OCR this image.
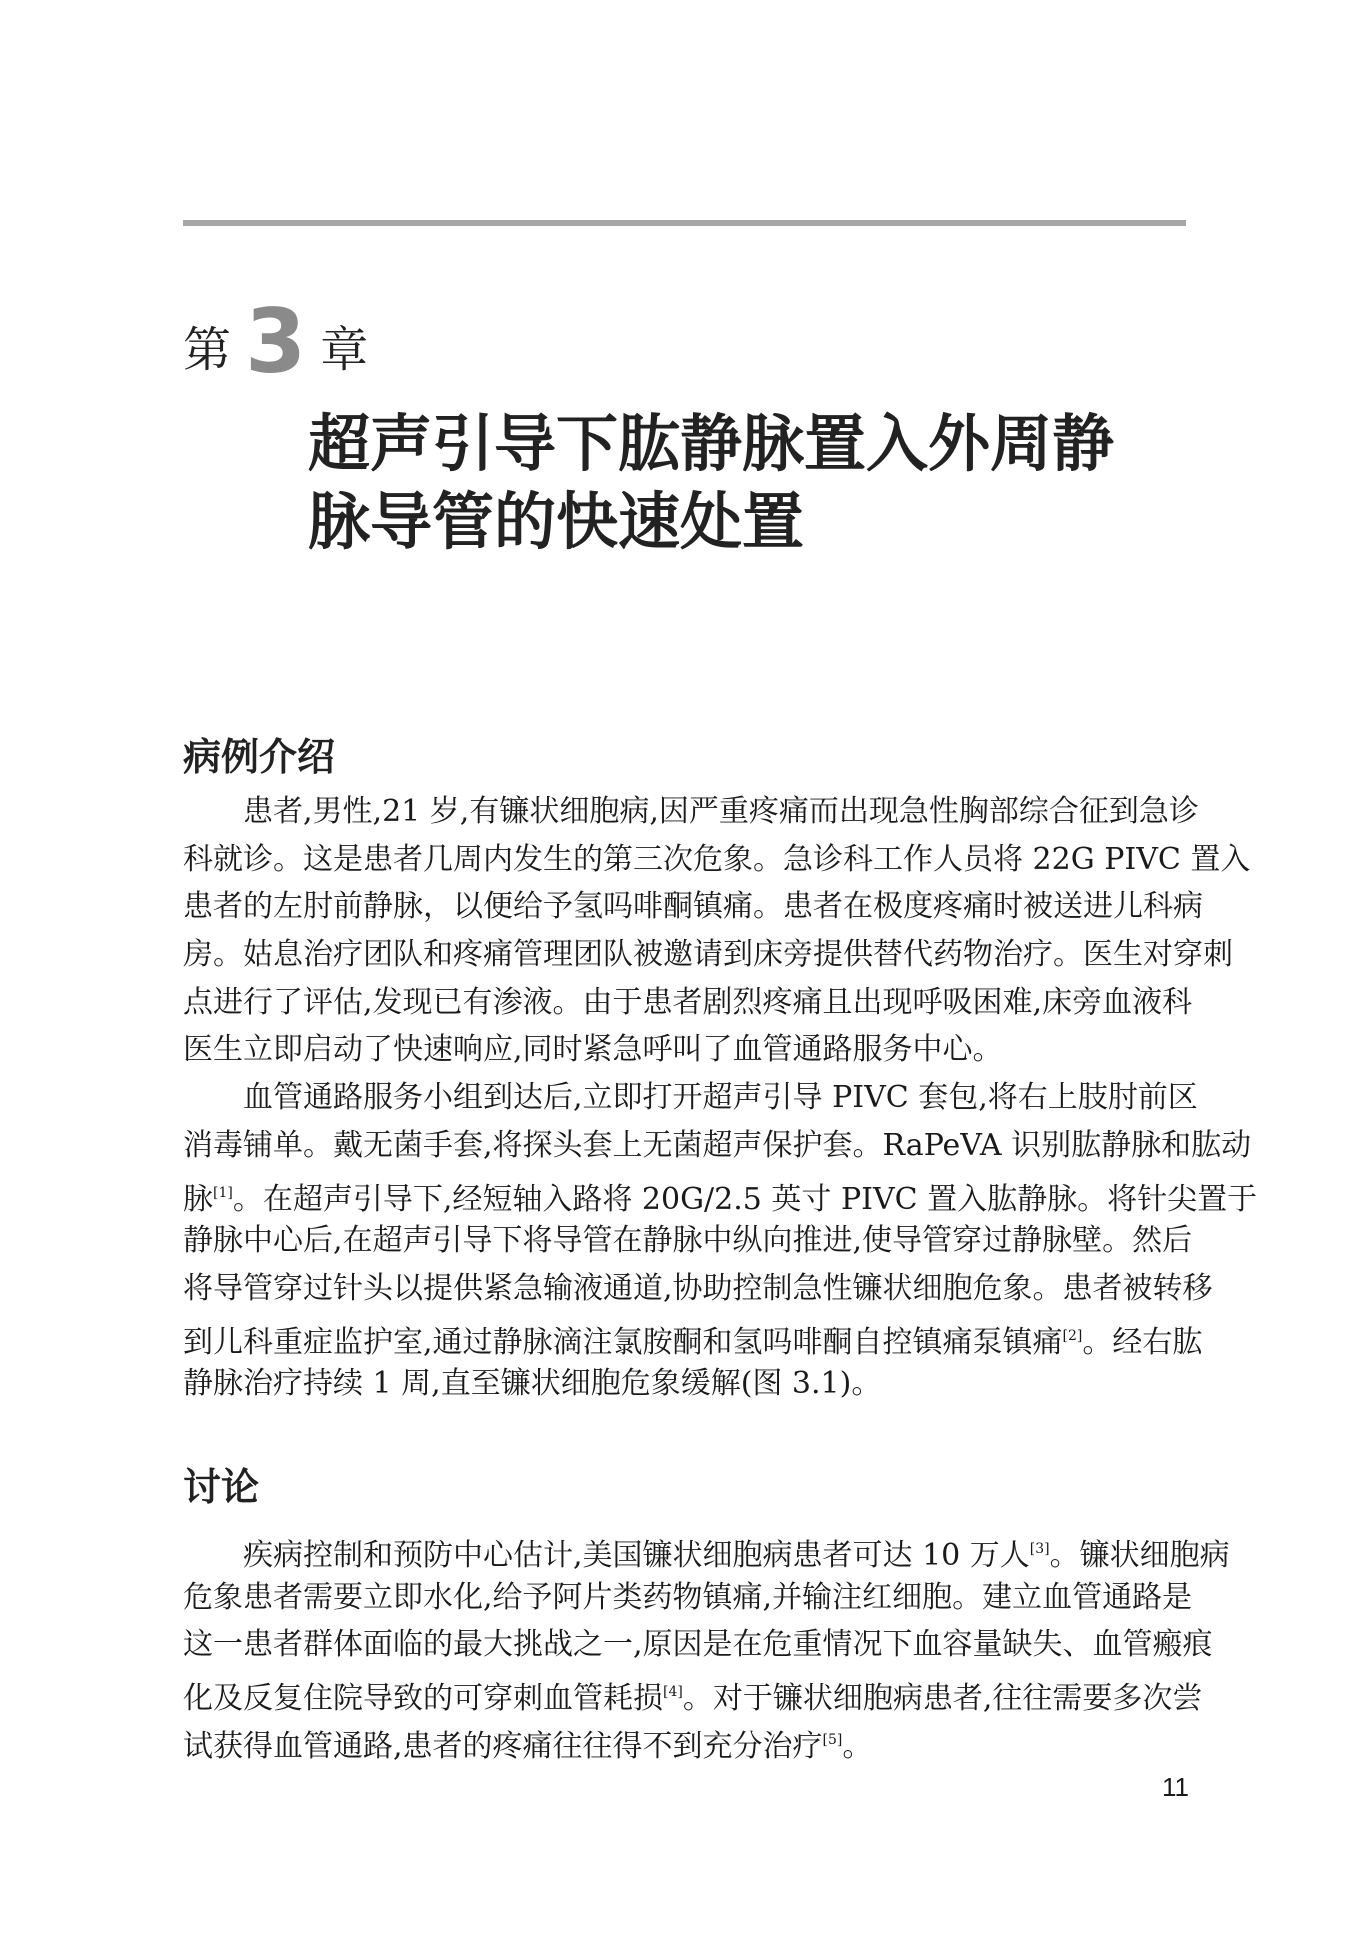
第 3 章
超声引导下肱静脉置入外周静
脉导管的快速处置
病例介绍
患者,男性,21 岁,有镰状细胞病,因严重疼痛而出现急性胸部综合征到急诊
科就诊。这是患者几周内发生的第三次危象。急诊科工作人员将 22G PIVC 置入
患者的左肘前静脉，以便给予氢吗啡酮镇痛。患者在极度疼痛时被送进儿科病
房。姑息治疗团队和疼痛管理团队被邀请到床旁提供替代药物治疗。医生对穿刺
点进行了评估,发现已有渗液。由于患者剧烈疼痛且出现呼吸困难,床旁血液科
医生立即启动了快速响应,同时紧急呼叫了血管通路服务中心。
血管通路服务小组到达后,立即打开超声引导 PIVC 套包,将右上肢肘前区
消毒铺单。戴无菌手套,将探头套上无菌超声保护套。RaPeVA 识别肱静脉和肱动
脉[1]。在超声引导下,经短轴入路将 20G/2.5 英寸 PIVC 置入肱静脉。将针尖置于
静脉中心后,在超声引导下将导管在静脉中纵向推进,使导管穿过静脉壁。然后
将导管穿过针头以提供紧急输液通道,协助控制急性镰状细胞危象。患者被转移
到儿科重症监护室,通过静脉滴注氯胺酮和氢吗啡酮自控镇痛泵镇痛[2]。经右肱
静脉治疗持续 1 周,直至镰状细胞危象缓解(图 3.1)。
讨论
疾病控制和预防中心估计,美国镰状细胞病患者可达 10 万人[3]。镰状细胞病
危象患者需要立即水化,给予阿片类药物镇痛,并输注红细胞。建立血管通路是
这一患者群体面临的最大挑战之一,原因是在危重情况下血容量缺失、血管瘢痕
化及反复住院导致的可穿刺血管耗损[4]。对于镰状细胞病患者,往往需要多次尝
试获得血管通路,患者的疼痛往往得不到充分治疗[5]。
11
